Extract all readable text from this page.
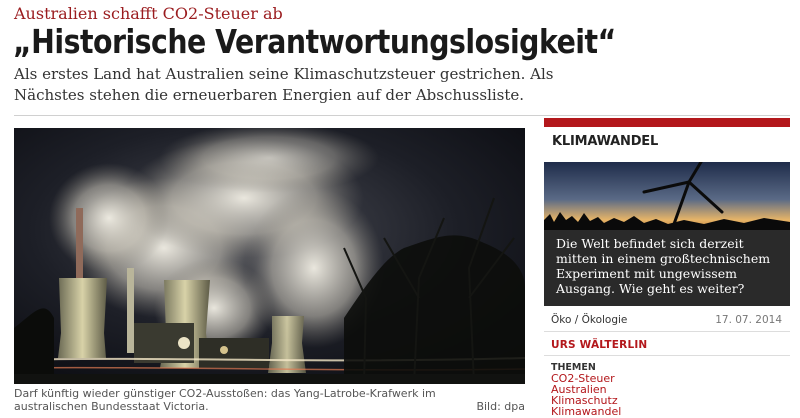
Australien schafft CO2-Steuer ab
„Historische Verantwortungslosigkeit“

Als erstes Land hat Australien seine Klimaschutzsteuer gestrichen. Als Nächstes stehen die erneuerbaren Energien auf der Abschussliste.

Darf künftig wieder günstiger CO2-Ausstoßen: das Yang-Latrobe-Krafwerk im australischen Bundesstaat Victoria.	Bild: dpa
KLIMAWANDEL

Die Welt befindet sich derzeit mitten in einem großtechnischem Experiment mit ungewissem Ausgang. Wie geht es weiter?

Öko / Ökologie	17. 07. 2014
URS WÄLTERLIN
THEMEN
CO2-Steuer
Australien
Klimaschutz
Klimawandel
